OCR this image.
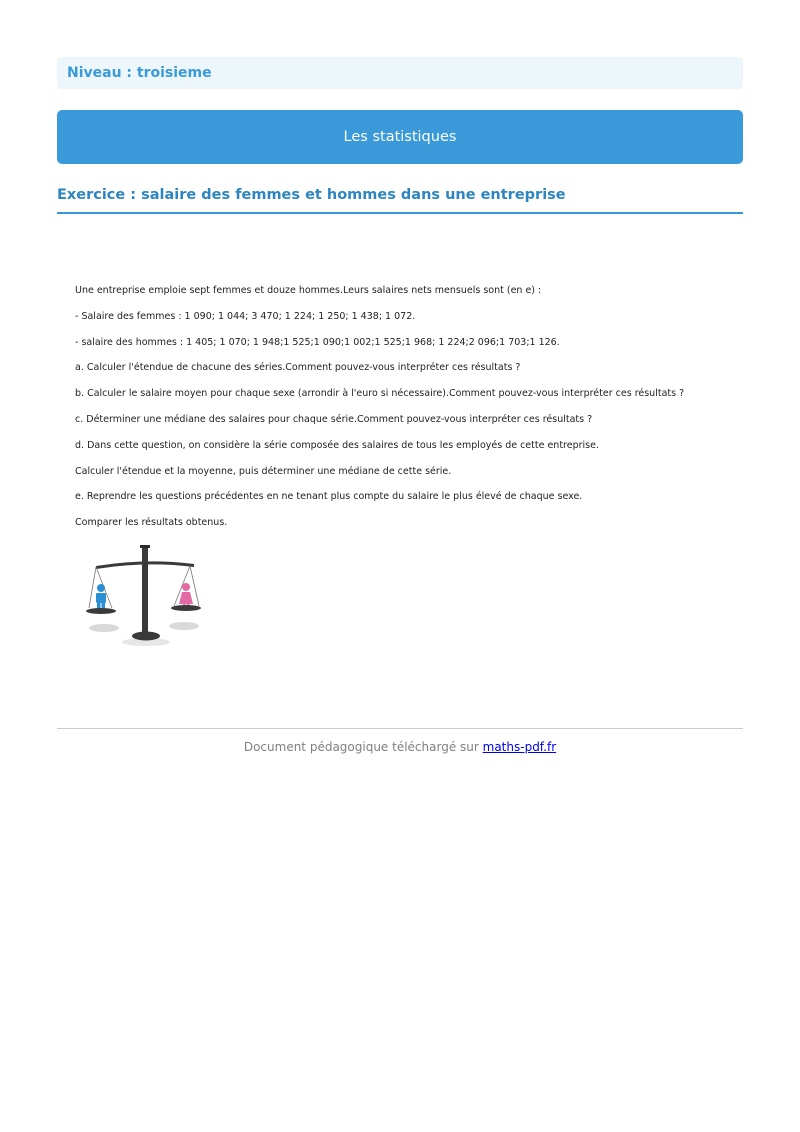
Niveau : troisieme
Les statistiques
Exercice : salaire des femmes et hommes dans une entreprise

Une entreprise emploie sept femmes et douze hommes.Leurs salaires nets mensuels sont (en e) :

- Salaire des femmes : 1 090; 1 044; 3 470; 1 224; 1 250; 1 438; 1 072.

- salaire des hommes : 1 405; 1 070; 1 948;1 525;1 090;1 002;1 525;1 968; 1 224;2 096;1 703;1 126.

a. Calculer l'étendue de chacune des séries.Comment pouvez-vous interpréter ces résultats ?

b. Calculer le salaire moyen pour chaque sexe (arrondir à l'euro si nécessaire).Comment pouvez-vous interpréter ces résultats ?

c. Déterminer une médiane des salaires pour chaque série.Comment pouvez-vous interpréter ces résultats ?

d. Dans cette question, on considère la série composée des salaires de tous les employés de cette entreprise.

Calculer l'étendue et la moyenne, puis déterminer une médiane de cette série.

e. Reprendre les questions précédentes en ne tenant plus compte du salaire le plus élevé de chaque sexe.

Comparer les résultats obtenus.

Document pédagogique téléchargé sur maths-pdf.fr
